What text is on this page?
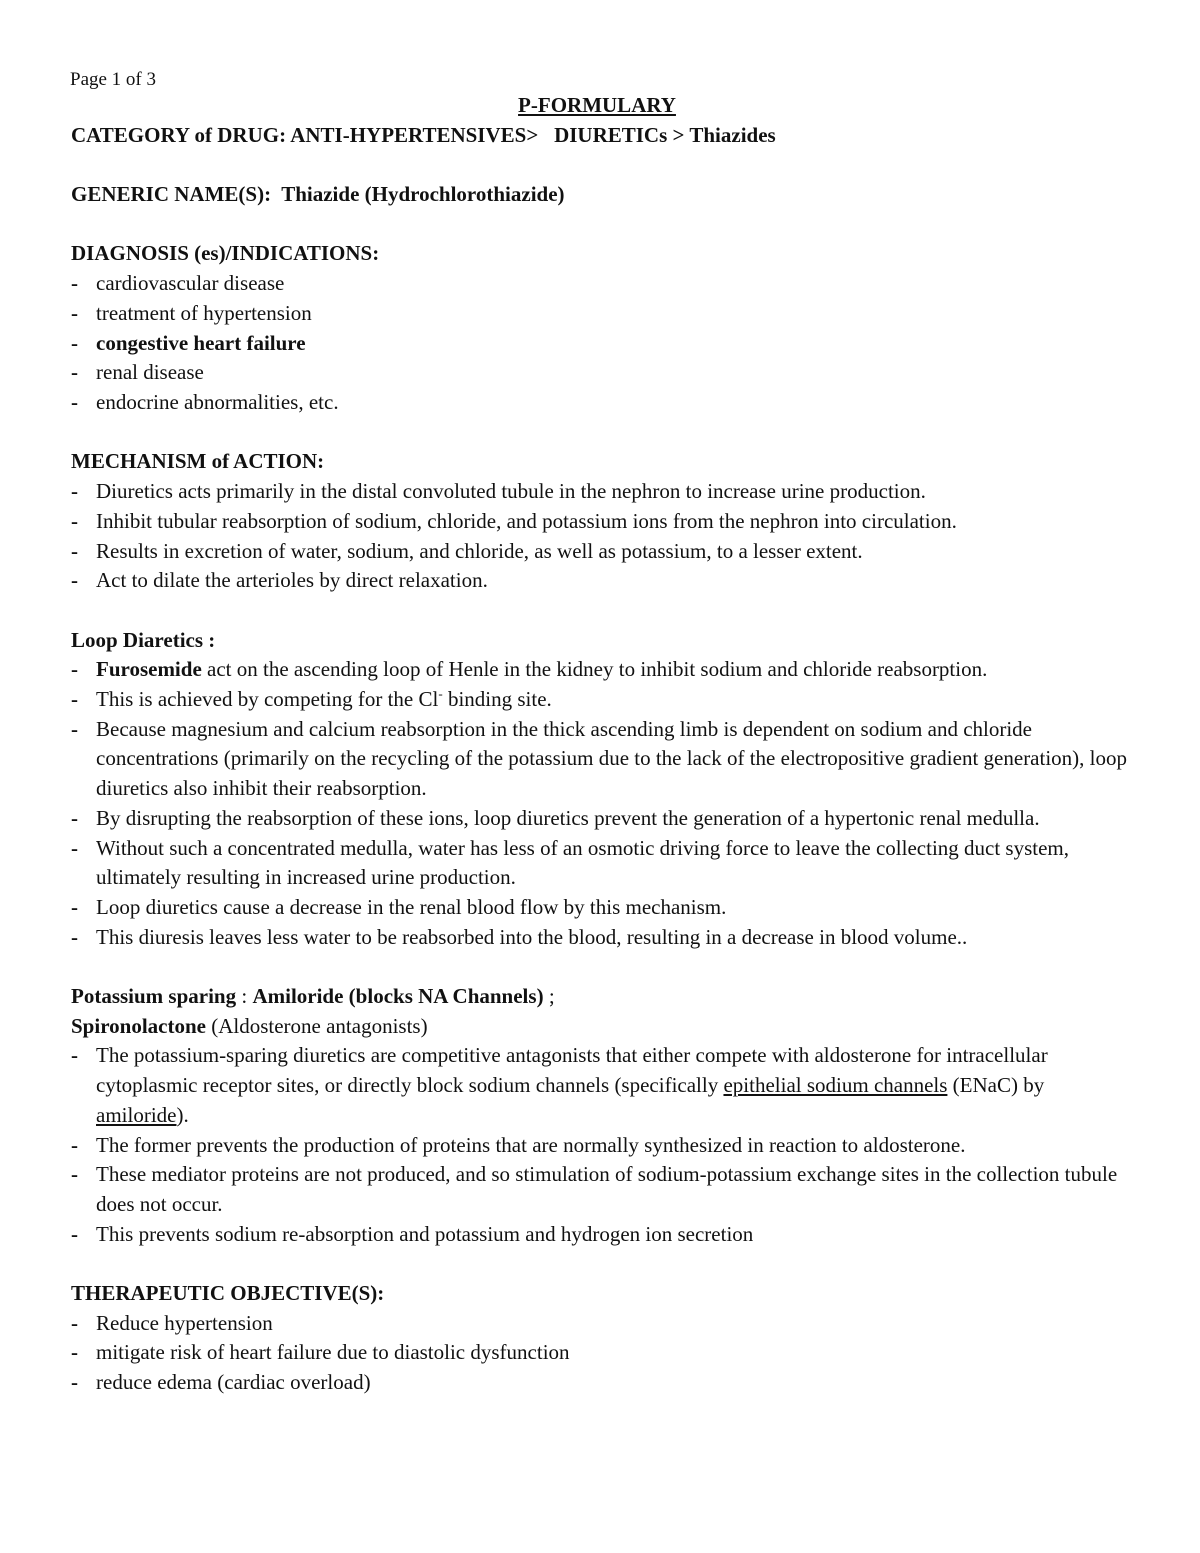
Page 1 of 3
P-FORMULARY

CATEGORY of DRUG: ANTI-HYPERTENSIVES> DIURETICs > Thiazides

GENERIC NAME(S): Thiazide (Hydrochlorothiazide)

DIAGNOSIS (es)/INDICATIONS:

- cardiovascular disease
- treatment of hypertension
- congestive heart failure
- renal disease
- endocrine abnormalities, etc.

MECHANISM of ACTION:

- Diuretics acts primarily in the distal convoluted tubule in the nephron to increase urine production.
- Inhibit tubular reabsorption of sodium, chloride, and potassium ions from the nephron into circulation.
- Results in excretion of water, sodium, and chloride, as well as potassium, to a lesser extent.
- Act to dilate the arterioles by direct relaxation.

Loop Diaretics :

- Furosemide act on the ascending loop of Henle in the kidney to inhibit sodium and chloride reabsorption.
- This is achieved by competing for the Cl- binding site.
- Because magnesium and calcium reabsorption in the thick ascending limb is dependent on sodium and chloride concentrations (primarily on the recycling of the potassium due to the lack of the electropositive gradient generation), loop diuretics also inhibit their reabsorption.
- By disrupting the reabsorption of these ions, loop diuretics prevent the generation of a hypertonic renal medulla.
- Without such a concentrated medulla, water has less of an osmotic driving force to leave the collecting duct system, ultimately resulting in increased urine production.
- Loop diuretics cause a decrease in the renal blood flow by this mechanism.
- This diuresis leaves less water to be reabsorbed into the blood, resulting in a decrease in blood volume..

Potassium sparing : Amiloride (blocks NA Channels) ;

Spironolactone (Aldosterone antagonists)

- The potassium-sparing diuretics are competitive antagonists that either compete with aldosterone for intracellular cytoplasmic receptor sites, or directly block sodium channels (specifically epithelial sodium channels (ENaC) by amiloride).
- The former prevents the production of proteins that are normally synthesized in reaction to aldosterone.
- These mediator proteins are not produced, and so stimulation of sodium-potassium exchange sites in the collection tubule does not occur.
- This prevents sodium re-absorption and potassium and hydrogen ion secretion

THERAPEUTIC OBJECTIVE(S):

- Reduce hypertension
- mitigate risk of heart failure due to diastolic dysfunction
- reduce edema (cardiac overload)
